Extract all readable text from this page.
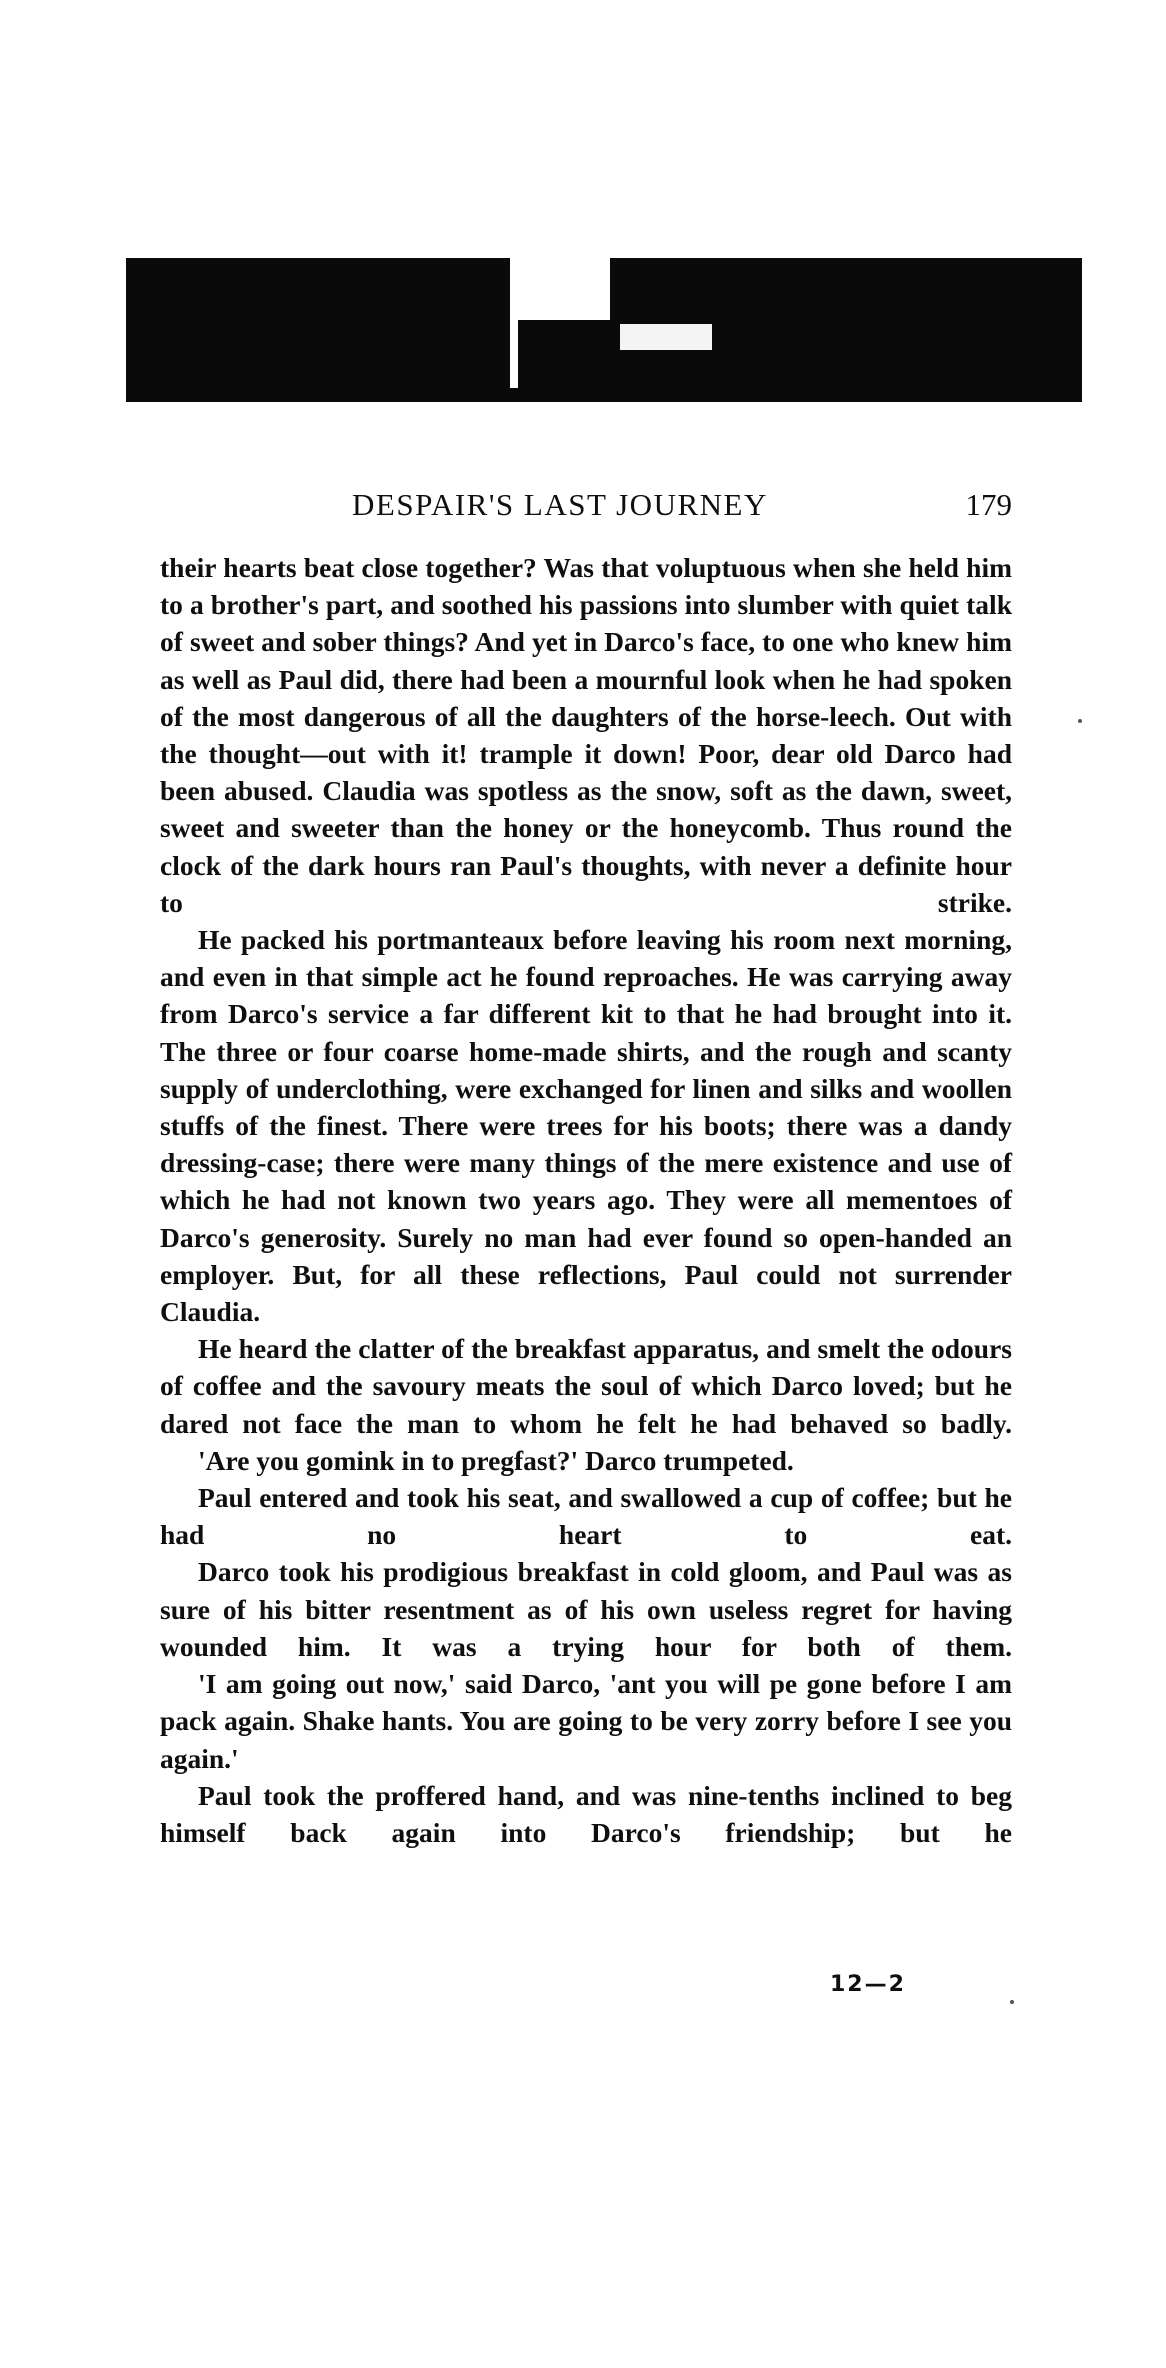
DESPAIR'S LAST JOURNEY	179

their hearts beat close together? Was that voluptuous when she held him to a brother's part, and soothed his passions into slumber with quiet talk of sweet and sober things? And yet in Darco's face, to one who knew him as well as Paul did, there had been a mournful look when he had spoken of the most dangerous of all the daughters of the horse-leech. Out with the thought—out with it! trample it down! Poor, dear old Darco had been abused. Claudia was spotless as the snow, soft as the dawn, sweet, sweet and sweeter than the honey or the honeycomb. Thus round the clock of the dark hours ran Paul's thoughts, with never a definite hour to strike.

He packed his portmanteaux before leaving his room next morning, and even in that simple act he found reproaches. He was carrying away from Darco's service a far different kit to that he had brought into it. The three or four coarse home-made shirts, and the rough and scanty supply of underclothing, were exchanged for linen and silks and woollen stuffs of the finest. There were trees for his boots; there was a dandy dressing-case; there were many things of the mere existence and use of which he had not known two years ago. They were all mementoes of Darco's generosity. Surely no man had ever found so open-handed an employer. But, for all these reflections, Paul could not surrender Claudia.

He heard the clatter of the breakfast apparatus, and smelt the odours of coffee and the savoury meats the soul of which Darco loved; but he dared not face the man to whom he felt he had behaved so badly.

'Are you gomink in to pregfast?' Darco trumpeted.

Paul entered and took his seat, and swallowed a cup of coffee; but he had no heart to eat.

Darco took his prodigious breakfast in cold gloom, and Paul was as sure of his bitter resentment as of his own useless regret for having wounded him. It was a trying hour for both of them.

'I am going out now,' said Darco, 'ant you will pe gone before I am pack again. Shake hants. You are going to be very zorry before I see you again.'

Paul took the proffered hand, and was nine-tenths inclined to beg himself back again into Darco's friendship; but he

12—2
